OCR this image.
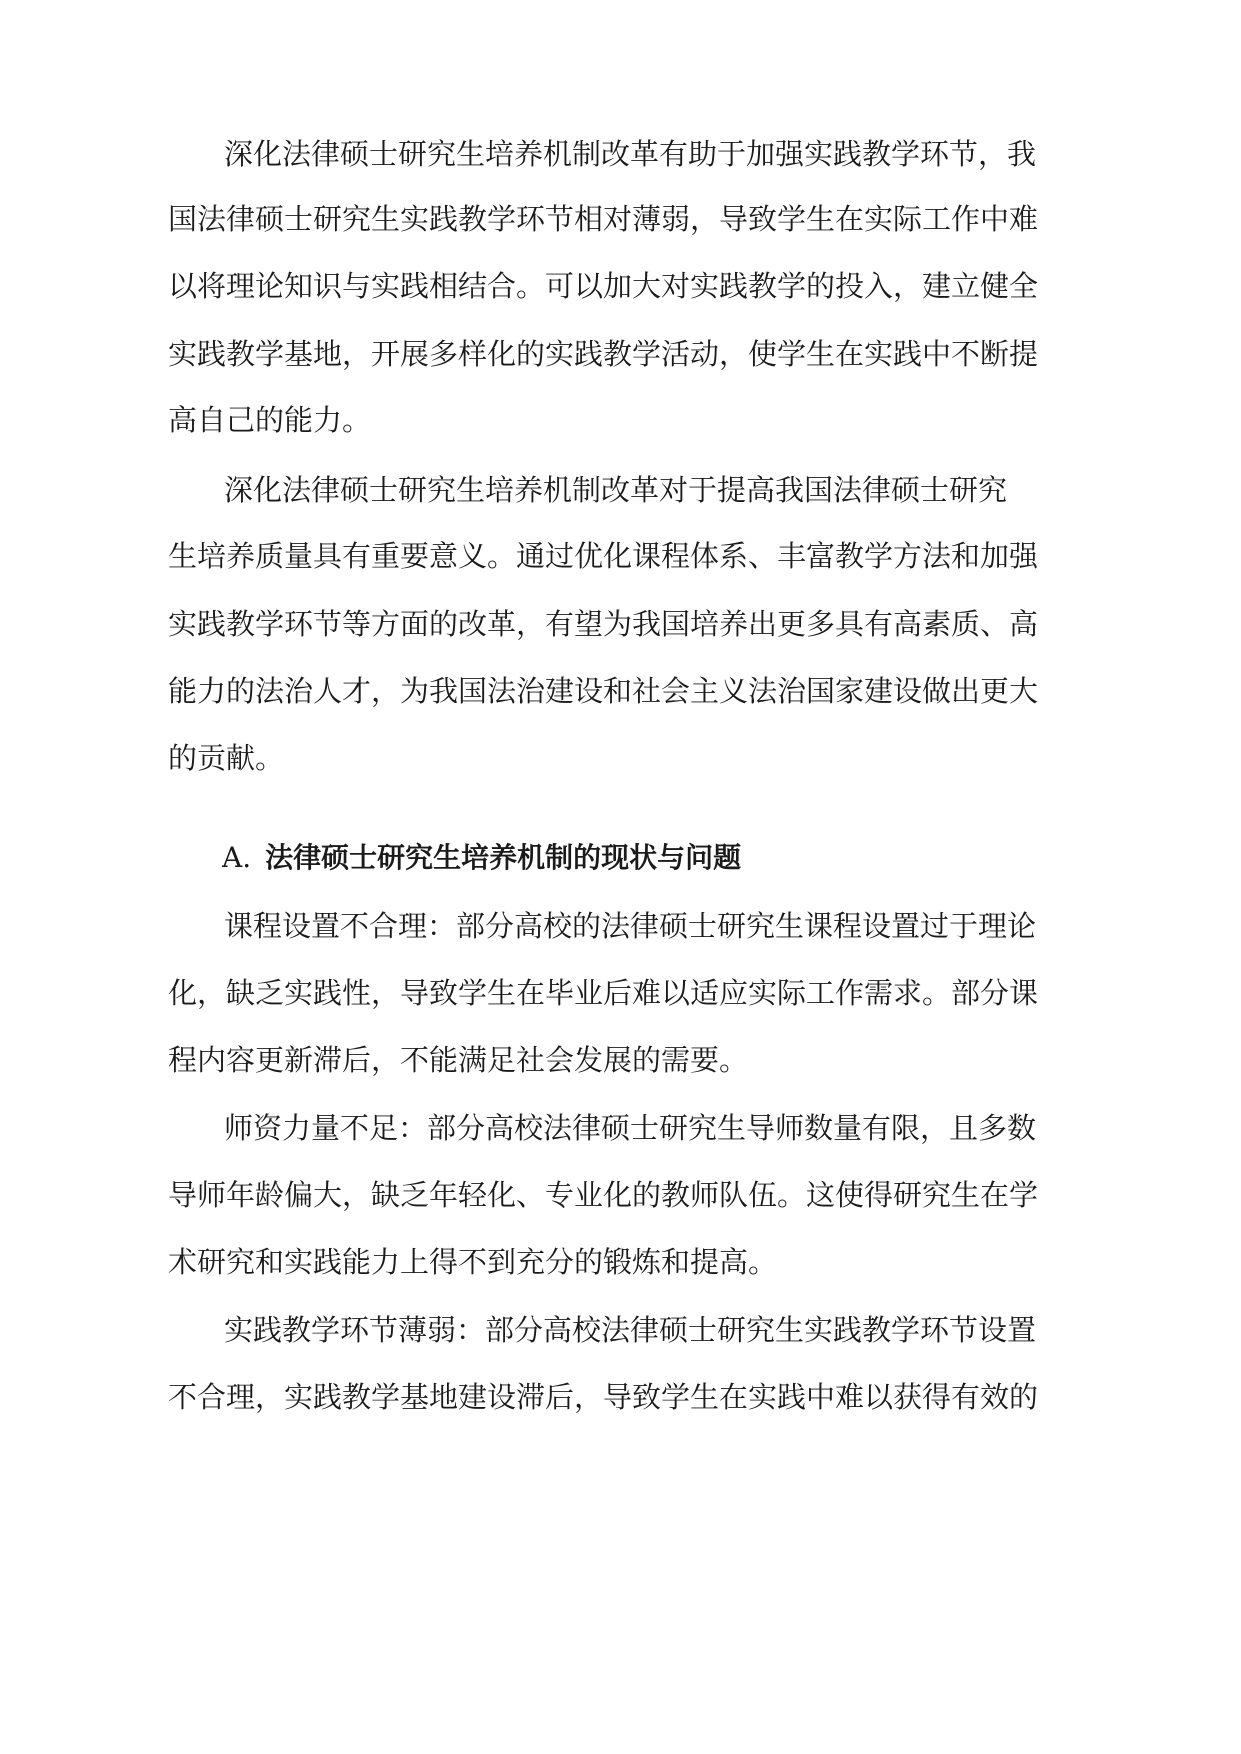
深化法律硕士研究生培养机制改革有助于加强实践教学环节，我

国法律硕士研究生实践教学环节相对薄弱，导致学生在实际工作中难

以将理论知识与实践相结合。可以加大对实践教学的投入，建立健全

实践教学基地，开展多样化的实践教学活动，使学生在实践中不断提

高自己的能力。

深化法律硕士研究生培养机制改革对于提高我国法律硕士研究

生培养质量具有重要意义。通过优化课程体系、丰富教学方法和加强

实践教学环节等方面的改革，有望为我国培养出更多具有高素质、高

能力的法治人才，为我国法治建设和社会主义法治国家建设做出更大

的贡献。

A. 法律硕士研究生培养机制的现状与问题

课程设置不合理：部分高校的法律硕士研究生课程设置过于理论

化，缺乏实践性，导致学生在毕业后难以适应实际工作需求。部分课

程内容更新滞后，不能满足社会发展的需要。

师资力量不足：部分高校法律硕士研究生导师数量有限，且多数

导师年龄偏大，缺乏年轻化、专业化的教师队伍。这使得研究生在学

术研究和实践能力上得不到充分的锻炼和提高。

实践教学环节薄弱：部分高校法律硕士研究生实践教学环节设置

不合理，实践教学基地建设滞后，导致学生在实践中难以获得有效的
